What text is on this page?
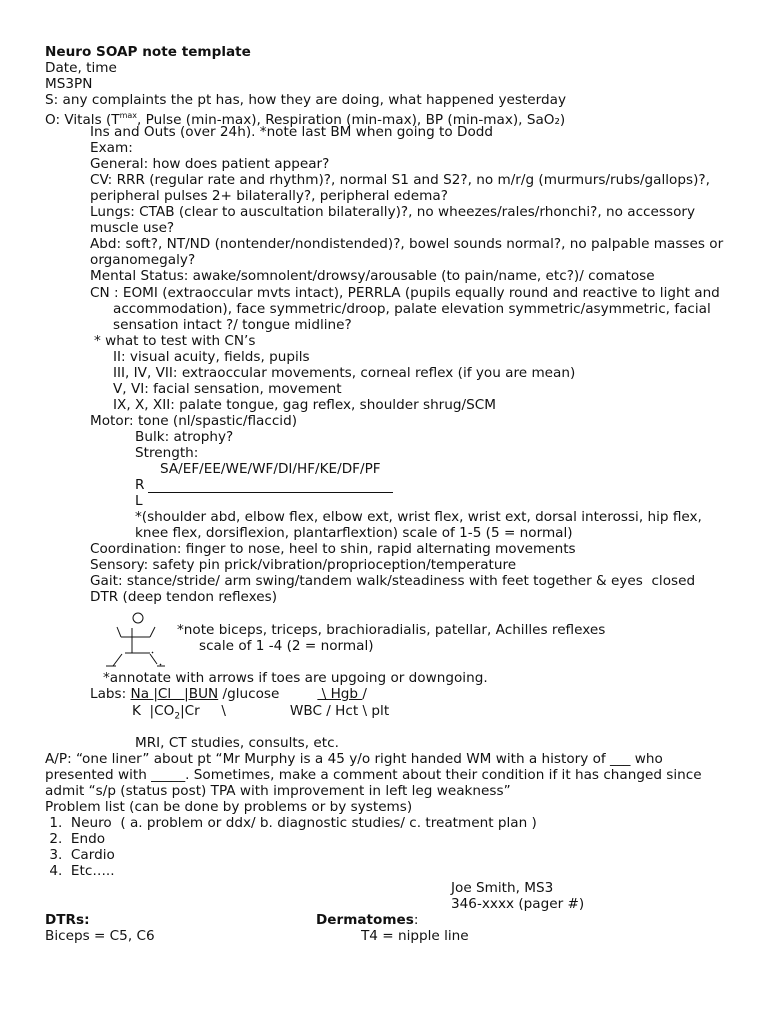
Neuro SOAP note template
Date, time
MS3PN
S: any complaints the pt has, how they are doing, what happened yesterday
O: Vitals ($T^{max}$, Pulse (min-max), Respiration (min-max), BP (min-max), SaO₂)
Ins and Outs (over 24h). *note last BM when going to Dodd
Exam:
General: how does patient appear?
CV: RRR (regular rate and rhythm)?, normal S1 and S2?, no m/r/g (murmurs/rubs/gallops)?,
peripheral pulses 2+ bilaterally?, peripheral edema?
Lungs: CTAB (clear to auscultation bilaterally)?, no wheezes/rales/rhonchi?, no accessory
muscle use?
Abd: soft?, NT/ND (nontender/nondistended)?, bowel sounds normal?, no palpable masses or
organomegaly?
Mental Status: awake/somnolent/drowsy/arousable (to pain/name, etc?)/ comatose
CN : EOMI (extraoccular mvts intact), PERRLA (pupils equally round and reactive to light and
accommodation), face symmetric/droop, palate elevation symmetric/asymmetric, facial
sensation intact ?/ tongue midline?
* what to test with CN’s
II: visual acuity, fields, pupils
III, IV, VII: extraoccular movements, corneal reflex (if you are mean)
V, VI: facial sensation, movement
IX, X, XII: palate tongue, gag reflex, shoulder shrug/SCM
Motor: tone (nl/spastic/flaccid)
Bulk: atrophy?
Strength:
SA/EF/EE/WE/WF/DI/HF/KE/DF/PF
R
L
*(shoulder abd, elbow flex, elbow ext, wrist flex, wrist ext, dorsal interossi, hip flex,
knee flex, dorsiflexion, plantarflextion) scale of 1-5 (5 = normal)
Coordination: finger to nose, heel to shin, rapid alternating movements
Sensory: safety pin prick/vibration/proprioception/temperature
Gait: stance/stride/ arm swing/tandem walk/steadiness with feet together & eyes  closed
DTR (deep tendon reflexes)
*note biceps, triceps, brachioradialis, patellar, Achilles reflexes
scale of 1 -4 (2 = normal)
*annotate with arrows if toes are upgoing or downgoing.
Labs: Na |Cl   |BUN /glucose	\ Hgb /
K  $|CO_2|Cr$     \	WBC / Hct \ plt
MRI, CT studies, consults, etc.
A/P: “one liner” about pt “Mr Murphy is a 45 y/o right handed WM with a history of ___ who
presented with _____. Sometimes, make a comment about their condition if it has changed since
admit “s/p (status post) TPA with improvement in left leg weakness”
Problem list (can be done by problems or by systems)
1.  Neuro  ( a. problem or ddx/ b. diagnostic studies/ c. treatment plan )
2.  Endo
3.  Cardio
4.  Etc…..
Joe Smith, MS3
346-xxxx (pager #)
DTRs:	Dermatomes:
Biceps = C5, C6	T4 = nipple line
